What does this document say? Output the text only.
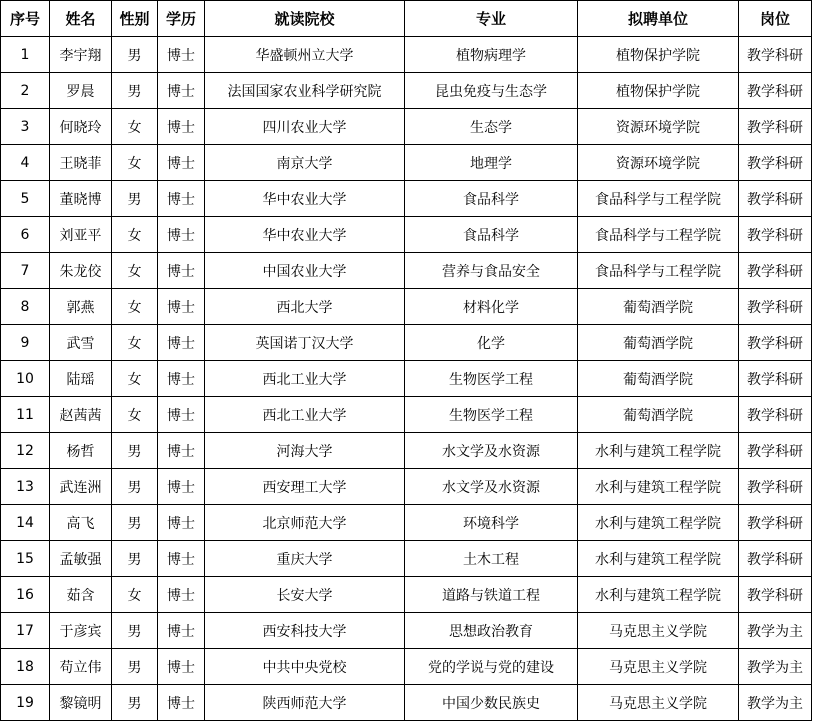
序号	姓名	性别	学历	就读院校	专业	拟聘单位	岗位
1	李宇翔	男	博士	华盛顿州立大学	植物病理学	植物保护学院	教学科研
2	罗晨	男	博士	法国国家农业科学研究院	昆虫免疫与生态学	植物保护学院	教学科研
3	何晓玲	女	博士	四川农业大学	生态学	资源环境学院	教学科研
4	王晓菲	女	博士	南京大学	地理学	资源环境学院	教学科研
5	董晓博	男	博士	华中农业大学	食品科学	食品科学与工程学院	教学科研
6	刘亚平	女	博士	华中农业大学	食品科学	食品科学与工程学院	教学科研
7	朱龙佼	女	博士	中国农业大学	营养与食品安全	食品科学与工程学院	教学科研
8	郭燕	女	博士	西北大学	材料化学	葡萄酒学院	教学科研
9	武雪	女	博士	英国诺丁汉大学	化学	葡萄酒学院	教学科研
10	陆瑶	女	博士	西北工业大学	生物医学工程	葡萄酒学院	教学科研
11	赵茜茜	女	博士	西北工业大学	生物医学工程	葡萄酒学院	教学科研
12	杨哲	男	博士	河海大学	水文学及水资源	水利与建筑工程学院	教学科研
13	武连洲	男	博士	西安理工大学	水文学及水资源	水利与建筑工程学院	教学科研
14	高飞	男	博士	北京师范大学	环境科学	水利与建筑工程学院	教学科研
15	孟敏强	男	博士	重庆大学	土木工程	水利与建筑工程学院	教学科研
16	茹含	女	博士	长安大学	道路与铁道工程	水利与建筑工程学院	教学科研
17	于彦宾	男	博士	西安科技大学	思想政治教育	马克思主义学院	教学为主
18	苟立伟	男	博士	中共中央党校	党的学说与党的建设	马克思主义学院	教学为主
19	黎镜明	男	博士	陕西师范大学	中国少数民族史	马克思主义学院	教学为主
